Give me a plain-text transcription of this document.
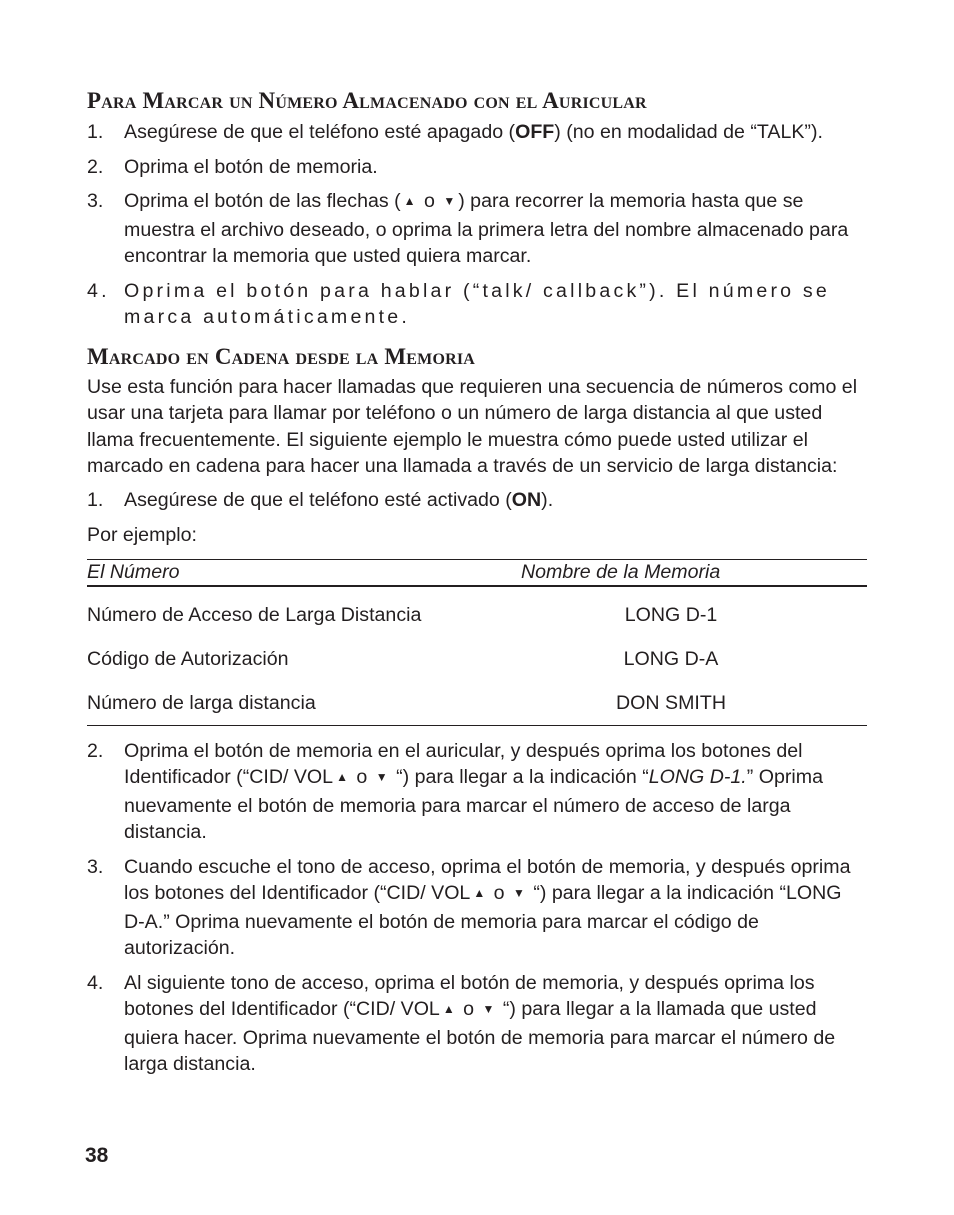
Para Marcar un Número Almacenado con el Auricular
1. Asegúrese de que el teléfono esté apagado (OFF) (no en modalidad de “TALK”).
2. Oprima el botón de memoria.
3. Oprima el botón de las flechas ( ▲ o ▼ ) para recorrer la memoria hasta que se muestra el archivo deseado, o oprima la primera letra del nombre almacenado para encontrar la memoria que usted quiera marcar.
4. Oprima el botón para hablar (“talk/ callback”). El número se marca automáticamente.
Marcado en Cadena desde la Memoria

Use esta función para hacer llamadas que requieren una secuencia de números como el usar una tarjeta para llamar por teléfono o un número de larga distancia al que usted llama frecuentemente. El siguiente ejemplo le muestra cómo puede usted utilizar el marcado en cadena para hacer una llamada a través de un servicio de larga distancia:

1. Asegúrese de que el teléfono esté activado (ON).

Por ejemplo:

El Número	Nombre de la Memoria
Número de Acceso de Larga Distancia	LONG D-1
Código de Autorización	LONG D-A
Número de larga distancia	DON SMITH
2. Oprima el botón de memoria en el auricular, y después oprima los botones del Identificador (“CID/ VOL ▲ o ▼ “) para llegar a la indicación “LONG D-1.” Oprima nuevamente el botón de memoria para marcar el número de acceso de larga distancia.
3. Cuando escuche el tono de acceso, oprima el botón de memoria, y después oprima los botones del Identificador (“CID/ VOL ▲ o ▼ “) para llegar a la indicación “LONG D-A.” Oprima nuevamente el botón de memoria para marcar el código de autorización.
4. Al siguiente tono de acceso, oprima el botón de memoria, y después oprima los botones del Identificador (“CID/ VOL ▲ o ▼ “) para llegar a la llamada que usted quiera hacer. Oprima nuevamente el botón de memoria para marcar el número de larga distancia.
38
